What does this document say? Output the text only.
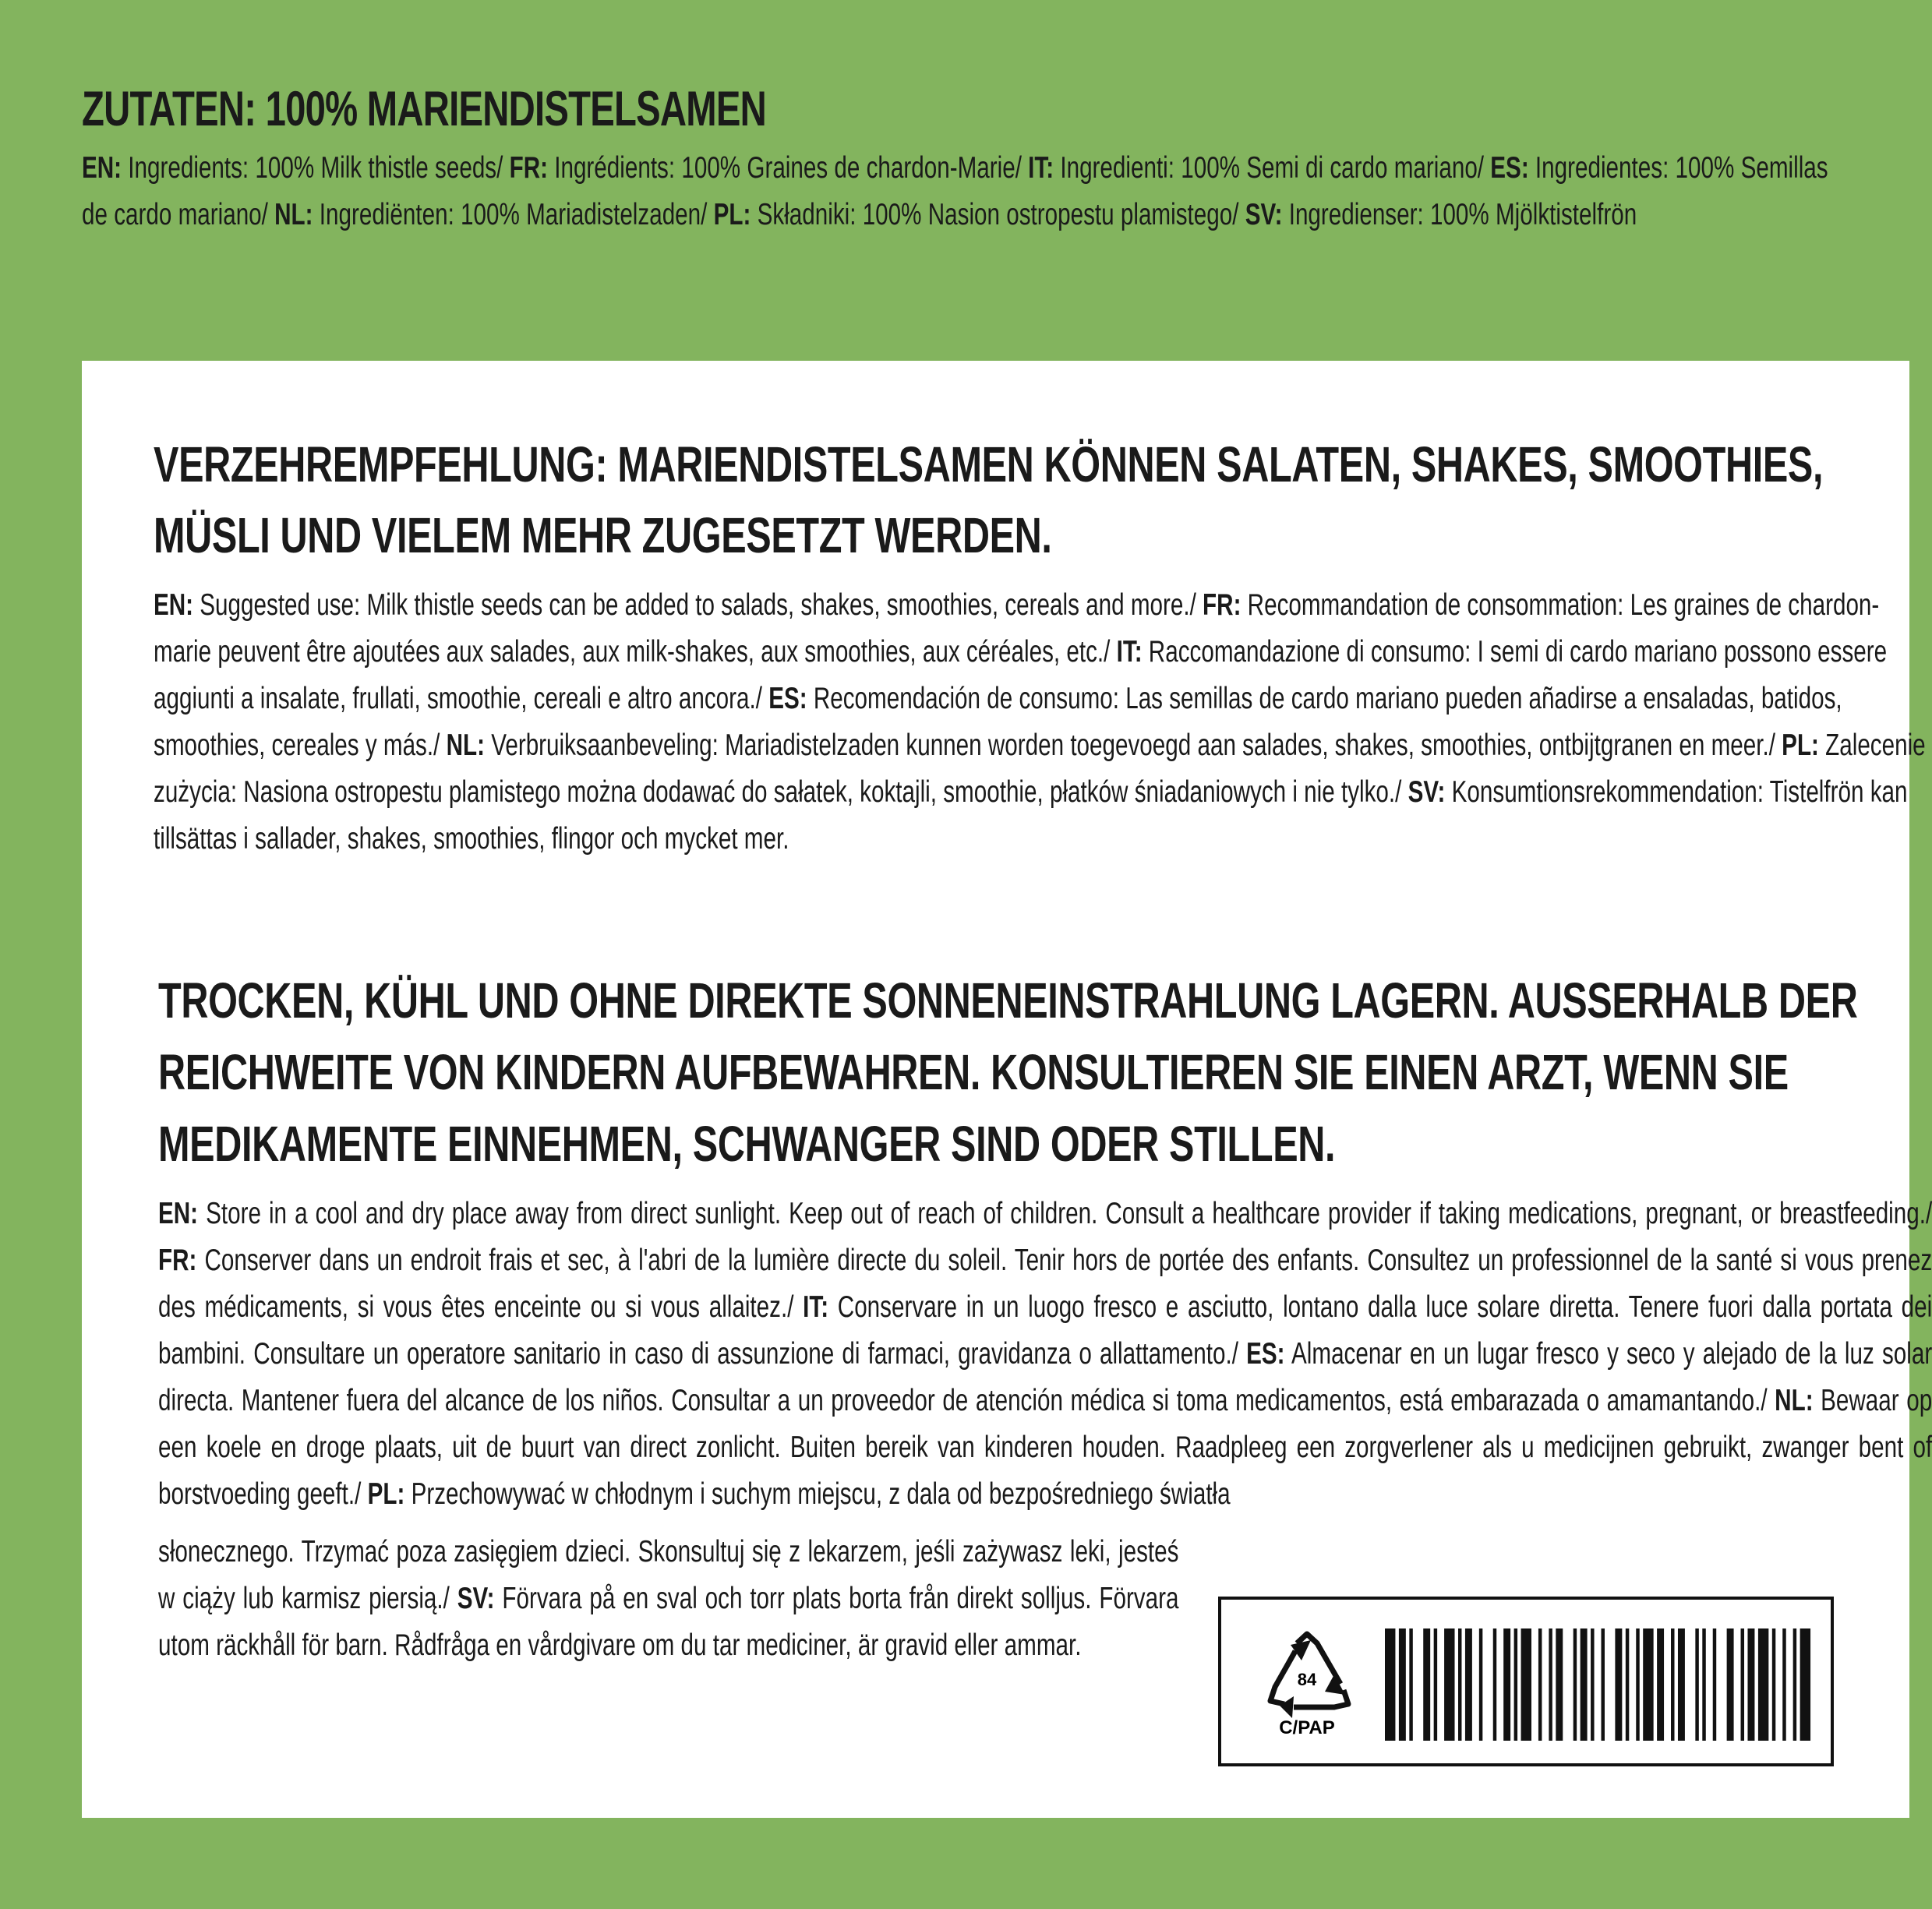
ZUTATEN: 100% MARIENDISTELSAMEN
EN: Ingredients: 100% Milk thistle seeds/ FR: Ingrédients: 100% Graines de chardon-Marie/ IT: Ingredienti: 100% Semi di cardo mariano/ ES: Ingredientes: 100% Semillas de cardo mariano/ NL: Ingrediënten: 100% Mariadistelzaden/ PL: Składniki: 100% Nasion ostropestu plamistego/ SV: Ingredienser: 100% Mjölktistelfrön
VERZEHREMPFEHLUNG: MARIENDISTELSAMEN KÖNNEN SALATEN, SHAKES, SMOOTHIES, MÜSLI UND VIELEM MEHR ZUGESETZT WERDEN.
EN: Suggested use: Milk thistle seeds can be added to salads, shakes, smoothies, cereals and more./ FR: Recommandation de consommation: Les graines de chardon-marie peuvent être ajoutées aux salades, aux milk-shakes, aux smoothies, aux céréales, etc./ IT: Raccomandazione di consumo: I semi di cardo mariano possono essere aggiunti a insalate, frullati, smoothie, cereali e altro ancora./ ES: Recomendación de consumo: Las semillas de cardo mariano pueden añadirse a ensaladas, batidos, smoothies, cereales y más./ NL: Verbruiksaanbeveling: Mariadistelzaden kunnen worden toegevoegd aan salades, shakes, smoothies, ontbijtgranen en meer./ PL: Zalecenie zużycia: Nasiona ostropestu plamistego można dodawać do sałatek, koktajli, smoothie, płatków śniadaniowych i nie tylko./ SV: Konsumtionsrekommendation: Tistelfrön kan tillsättas i sallader, shakes, smoothies, flingor och mycket mer.
TROCKEN, KÜHL UND OHNE DIREKTE SONNENEINSTRAHLUNG LAGERN. AUSSERHALB DER REICHWEITE VON KINDERN AUFBEWAHREN. KONSULTIEREN SIE EINEN ARZT, WENN SIE MEDIKAMENTE EINNEHMEN, SCHWANGER SIND ODER STILLEN.
EN: Store in a cool and dry place away from direct sunlight. Keep out of reach of children. Consult a healthcare provider if taking medications, pregnant, or breastfeeding./ FR: Conserver dans un endroit frais et sec, à l'abri de la lumière directe du soleil. Tenir hors de portée des enfants. Consultez un professionnel de la santé si vous prenez des médicaments, si vous êtes enceinte ou si vous allaitez./ IT: Conservare in un luogo fresco e asciutto, lontano dalla luce solare diretta. Tenere fuori dalla portata dei bambini. Consultare un operatore sanitario in caso di assunzione di farmaci, gravidanza o allattamento./ ES: Almacenar en un lugar fresco y seco y alejado de la luz solar directa. Mantener fuera del alcance de los niños. Consultar a un proveedor de atención médica si toma medicamentos, está embarazada o amamantando./ NL: Bewaar op een koele en droge plaats, uit de buurt van direct zonlicht. Buiten bereik van kinderen houden. Raadpleeg een zorgverlener als u medicijnen gebruikt, zwanger bent of borstvoeding geeft./ PL: Przechowywać w chłodnym i suchym miejscu, z dala od bezpośredniego światła
słonecznego. Trzymać poza zasięgiem dzieci. Skonsultuj się z lekarzem, jeśli zażywasz leki, jesteś w ciąży lub karmisz piersią./ SV: Förvara på en sval och torr plats borta från direkt solljus. Förvara utom räckhåll för barn. Rådfråga en vårdgivare om du tar mediciner, är gravid eller ammar.
84
C/PAP
